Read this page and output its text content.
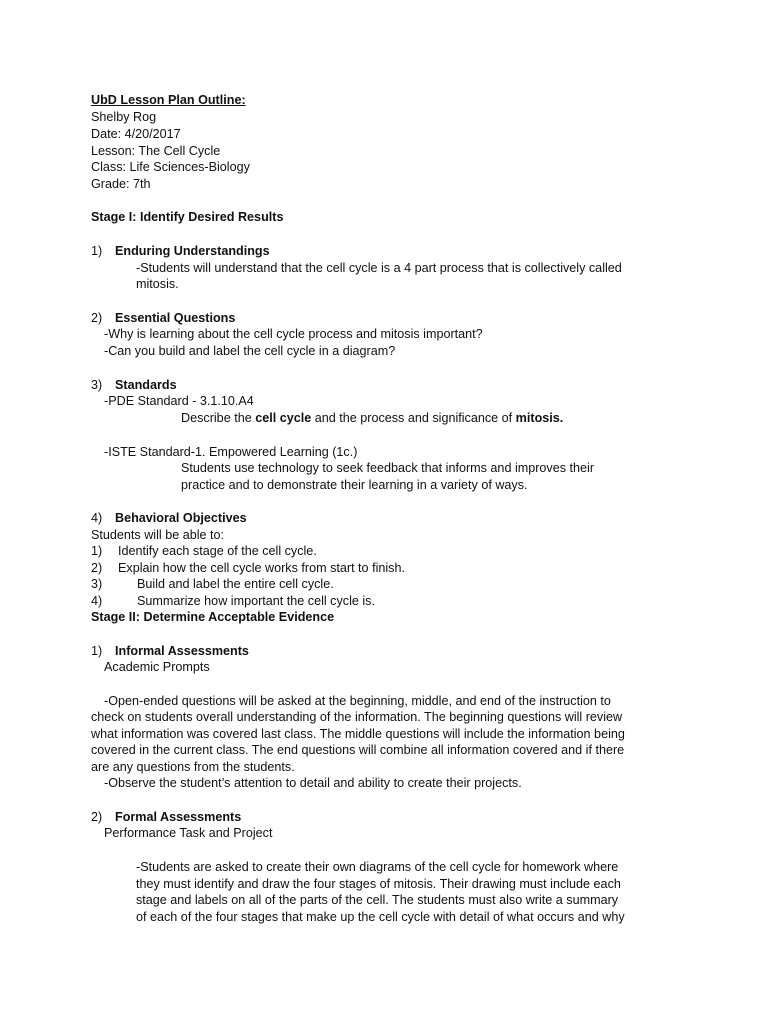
UbD Lesson Plan Outline:
Shelby Rog
Date: 4/20/2017
Lesson: The Cell Cycle
Class: Life Sciences-Biology
Grade: 7th
Stage I: Identify Desired Results
1) Enduring Understandings
-Students will understand that the cell cycle is a 4 part process that is collectively called
mitosis.
2) Essential Questions
-Why is learning about the cell cycle process and mitosis important?
-Can you build and label the cell cycle in a diagram?
3) Standards
-PDE Standard - 3.1.10.A4
Describe the cell cycle and the process and significance of mitosis.
-ISTE Standard-1. Empowered Learning (1c.)
Students use technology to seek feedback that informs and improves their
practice and to demonstrate their learning in a variety of ways.
4) Behavioral Objectives
Students will be able to:
1) Identify each stage of the cell cycle.
2) Explain how the cell cycle works from start to finish.
3)	Build and label the entire cell cycle.
4)	Summarize how important the cell cycle is.
Stage II: Determine Acceptable Evidence
1) Informal Assessments
Academic Prompts
-Open-ended questions will be asked at the beginning, middle, and end of the instruction to
check on students overall understanding of the information. The beginning questions will review
what information was covered last class. The middle questions will include the information being
covered in the current class. The end questions will combine all information covered and if there
are any questions from the students.
-Observe the student’s attention to detail and ability to create their projects.
2) Formal Assessments
Performance Task and Project
-Students are asked to create their own diagrams of the cell cycle for homework where
they must identify and draw the four stages of mitosis. Their drawing must include each
stage and labels on all of the parts of the cell. The students must also write a summary
of each of the four stages that make up the cell cycle with detail of what occurs and why
